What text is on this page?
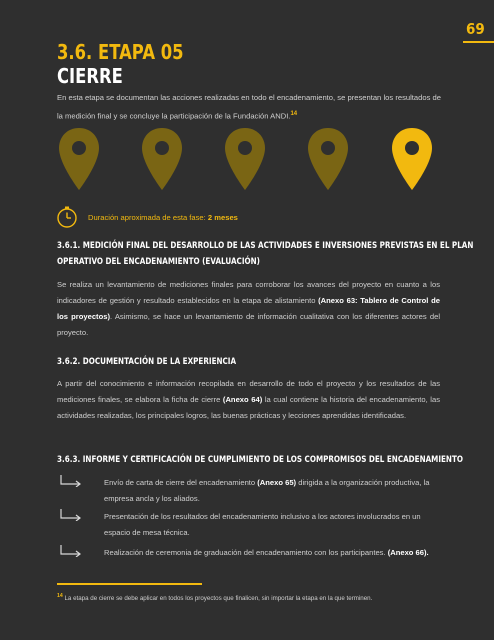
69
3.6. ETAPA 05
CIERRE
En esta etapa se documentan las acciones realizadas en todo el encadenamiento, se presentan los resultados de la medición final y se concluye la participación de la Fundación ANDI.$^{14}$
Duración aproximada de esta fase: 2 meses
3.6.1. MEDICIÓN FINAL DEL DESARROLLO DE LAS ACTIVIDADES E INVERSIONES PREVISTAS EN EL PLAN
OPERATIVO DEL ENCADENAMIENTO (EVALUACIÓN)
Se realiza un levantamiento de mediciones finales para corroborar los avances del proyecto en cuanto a los indicadores de gestión y resultado establecidos en la etapa de alistamiento (Anexo 63: Tablero de Control de los proyectos). Asimismo, se hace un levantamiento de información cualitativa con los diferentes actores del proyecto.
3.6.2. DOCUMENTACIÓN DE LA EXPERIENCIA
A partir del conocimiento e información recopilada en desarrollo de todo el proyecto y los resultados de las mediciones finales, se elabora la ficha de cierre (Anexo 64) la cual contiene la historia del encadenamiento, las actividades realizadas, los principales logros, las buenas prácticas y lecciones aprendidas identificadas.
3.6.3. INFORME Y CERTIFICACIÓN DE CUMPLIMIENTO DE LOS COMPROMISOS DEL ENCADENAMIENTO
Envío de carta de cierre del encadenamiento (Anexo 65) dirigida a la organización productiva, la empresa ancla y los aliados.
Presentación de los resultados del encadenamiento inclusivo a los actores involucrados en un espacio de mesa técnica.
Realización de ceremonia de graduación del encadenamiento con los participantes. (Anexo 66).
$^{14}$ La etapa de cierre se debe aplicar en todos los proyectos que finalicen, sin importar la etapa en la que terminen.
